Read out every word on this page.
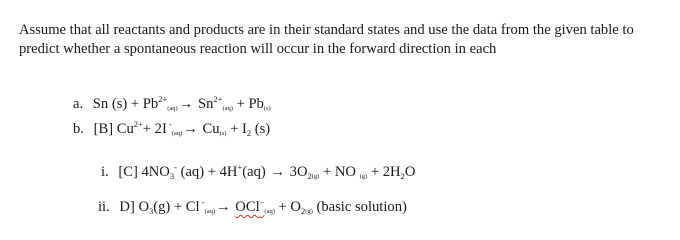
Assume that all reactants and products are in their standard states and use the data from the given table to predict whether a spontaneous reaction will occur in the forward direction in each

a. Sn $(s) + Pb^{2+}(aq)\to Sn^{2+}(aq) + Pb(s)$
b. [B] $Cu^{2+}+ 2I$ $^-(aq)\to Cu(s) + I_2$ (s)
i. [C] $4NO_3^-$ $(aq) + 4H^+(aq) \to 3O_2(g)$ + NO $(g) + 2H_2O$
ii. D] $O_3(g) + Cl$ $^-(aq)\to OCl^-(aq) + O_2(g)$ (basic solution)
